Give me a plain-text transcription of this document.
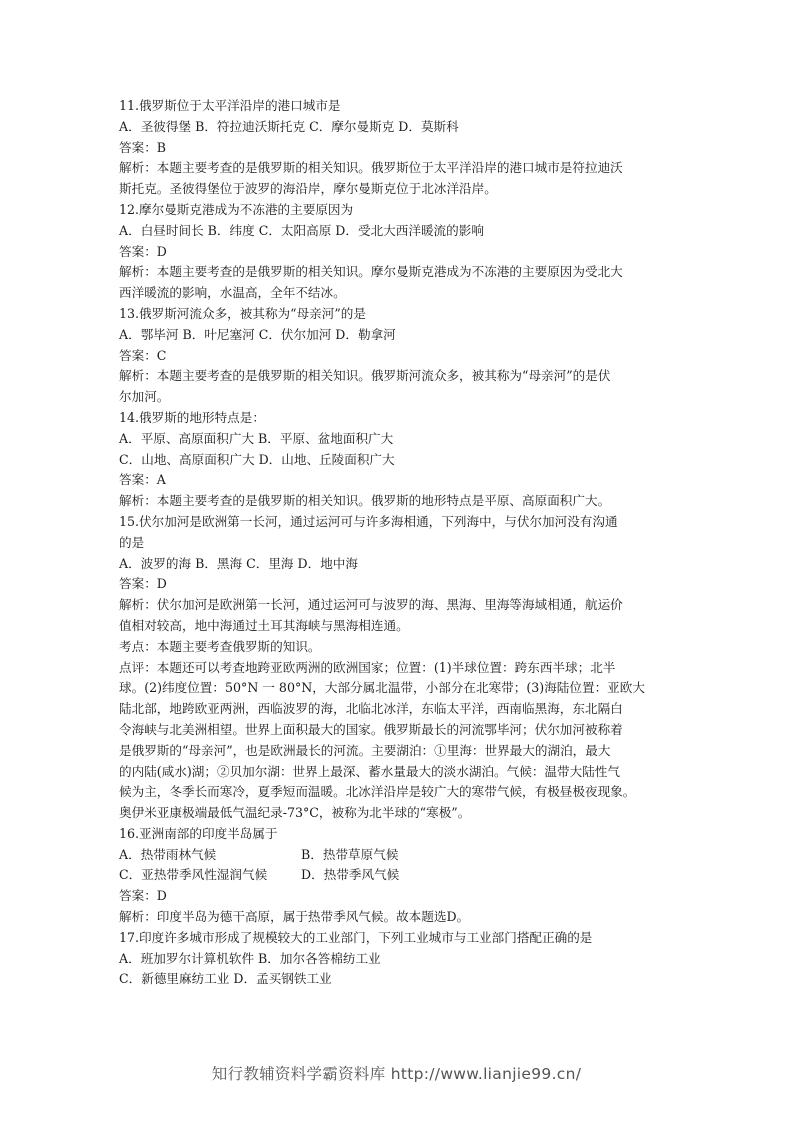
11.俄罗斯位于太平洋沿岸的港口城市是
A．圣彼得堡 B．符拉迪沃斯托克 C．摩尔曼斯克 D．莫斯科
答案：B
解析：本题主要考查的是俄罗斯的相关知识。俄罗斯位于太平洋沿岸的港口城市是符拉迪沃
斯托克。圣彼得堡位于波罗的海沿岸，摩尔曼斯克位于北冰洋沿岸。
12.摩尔曼斯克港成为不冻港的主要原因为
A．白昼时间长 B．纬度 C．太阳高原 D．受北大西洋暖流的影响
答案：D
解析：本题主要考查的是俄罗斯的相关知识。摩尔曼斯克港成为不冻港的主要原因为受北大
西洋暖流的影响，水温高，全年不结冰。
13.俄罗斯河流众多，被其称为“母亲河”的是
A．鄂毕河 B．叶尼塞河 C．伏尔加河 D．勒拿河
答案：C
解析：本题主要考查的是俄罗斯的相关知识。俄罗斯河流众多，被其称为“母亲河”的是伏
尔加河。
14.俄罗斯的地形特点是：
A．平原、高原面积广大 B．平原、盆地面积广大
C．山地、高原面积广大 D．山地、丘陵面积广大
答案：A
解析：本题主要考查的是俄罗斯的相关知识。俄罗斯的地形特点是平原、高原面积广大。
15.伏尔加河是欧洲第一长河，通过运河可与许多海相通，下列海中，与伏尔加河没有沟通
的是
A．波罗的海 B．黑海 C．里海 D．地中海
答案：D
解析：伏尔加河是欧洲第一长河，通过运河可与波罗的海、黑海、里海等海域相通，航运价
值相对较高，地中海通过土耳其海峡与黑海相连通。
考点：本题主要考查俄罗斯的知识。
点评：本题还可以考查地跨亚欧两洲的欧洲国家；位置：(1)半球位置：跨东西半球；北半
球。(2)纬度位置：50°N 一 80°N，大部分属北温带，小部分在北寒带；(3)海陆位置：亚欧大
陆北部，地跨欧亚两洲，西临波罗的海，北临北冰洋，东临太平洋，西南临黑海，东北隔白
令海峡与北美洲相望。世界上面积最大的国家。俄罗斯最长的河流鄂毕河；伏尔加河被称着
是俄罗斯的“母亲河”，也是欧洲最长的河流。主要湖泊：①里海：世界最大的湖泊，最大
的内陆(咸水)湖；②贝加尔湖：世界上最深、蓄水量最大的淡水湖泊。气候：温带大陆性气
候为主，冬季长而寒冷，夏季短而温暖。北冰洋沿岸是较广大的寒带气候，有极昼极夜现象。
奥伊米亚康极端最低气温纪录-73°C，被称为北半球的“寒极”。
16.亚洲南部的印度半岛属于
A．热带雨林气候	B．热带草原气候
C．亚热带季风性湿润气候	D．热带季风气候
答案：D
解析：印度半岛为德干高原，属于热带季风气候。故本题选D。
17.印度许多城市形成了规模较大的工业部门，下列工业城市与工业部门搭配正确的是
A．班加罗尔计算机软件 B．加尔各答棉纺工业
C．新德里麻纺工业 D．孟买钢铁工业
知行教辅资料学霸资料库 http://www.lianjie99.cn/
